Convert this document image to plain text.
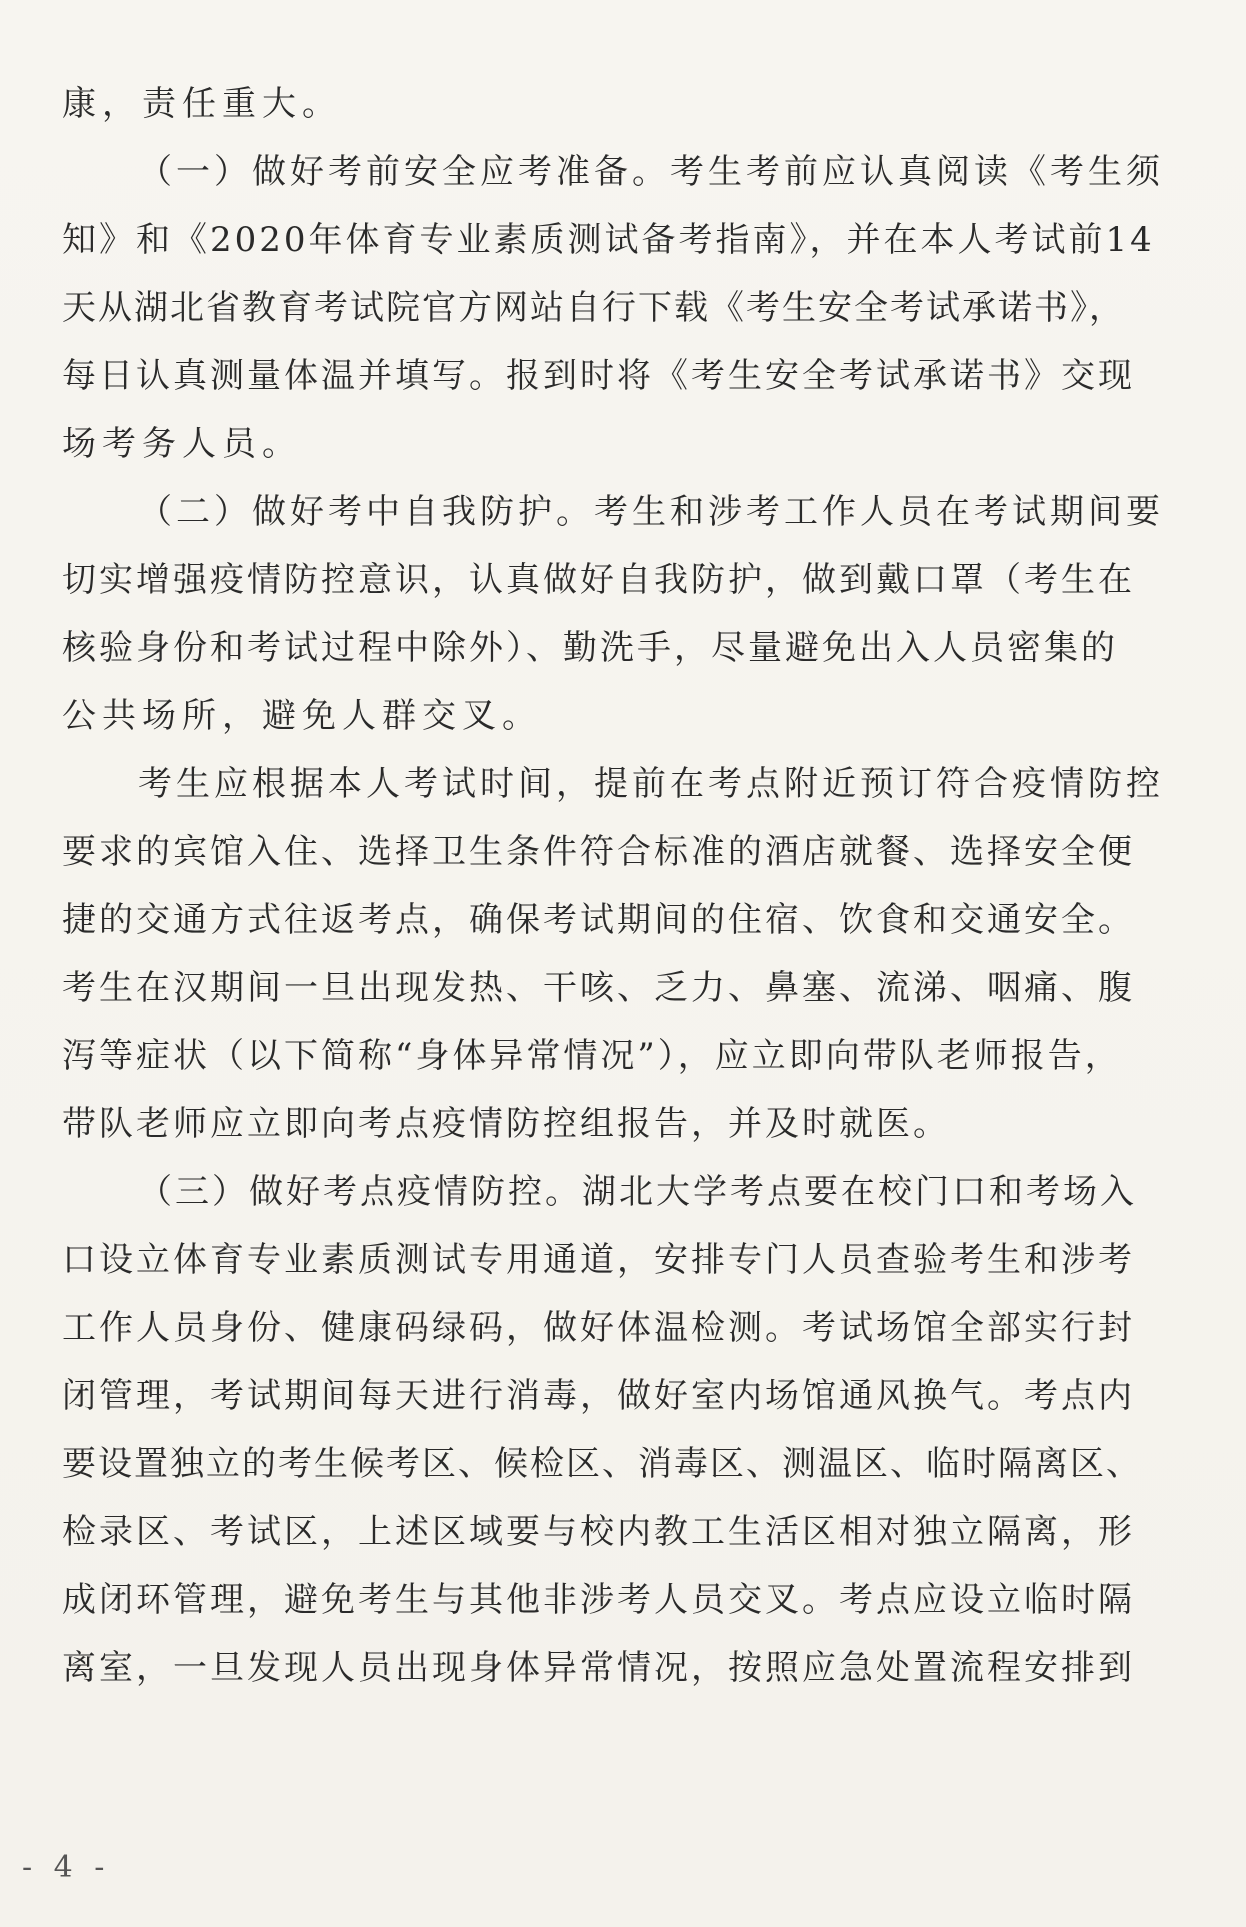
康，责任重大。
（一）做好考前安全应考准备。考生考前应认真阅读《考生须
知》和《2020年体育专业素质测试备考指南》，并在本人考试前14
天从湖北省教育考试院官方网站自行下载《考生安全考试承诺书》，
每日认真测量体温并填写。报到时将《考生安全考试承诺书》交现
场考务人员。
（二）做好考中自我防护。考生和涉考工作人员在考试期间要
切实增强疫情防控意识，认真做好自我防护，做到戴口罩（考生在
核验身份和考试过程中除外）、勤洗手，尽量避免出入人员密集的
公共场所，避免人群交叉。
考生应根据本人考试时间，提前在考点附近预订符合疫情防控
要求的宾馆入住、选择卫生条件符合标准的酒店就餐、选择安全便
捷的交通方式往返考点，确保考试期间的住宿、饮食和交通安全。
考生在汉期间一旦出现发热、干咳、乏力、鼻塞、流涕、咽痛、腹
泻等症状（以下简称“身体异常情况”），应立即向带队老师报告，
带队老师应立即向考点疫情防控组报告，并及时就医。
（三）做好考点疫情防控。湖北大学考点要在校门口和考场入
口设立体育专业素质测试专用通道，安排专门人员查验考生和涉考
工作人员身份、健康码绿码，做好体温检测。考试场馆全部实行封
闭管理，考试期间每天进行消毒，做好室内场馆通风换气。考点内
要设置独立的考生候考区、候检区、消毒区、测温区、临时隔离区、
检录区、考试区，上述区域要与校内教工生活区相对独立隔离，形
成闭环管理，避免考生与其他非涉考人员交叉。考点应设立临时隔
离室，一旦发现人员出现身体异常情况，按照应急处置流程安排到
- 4 -
